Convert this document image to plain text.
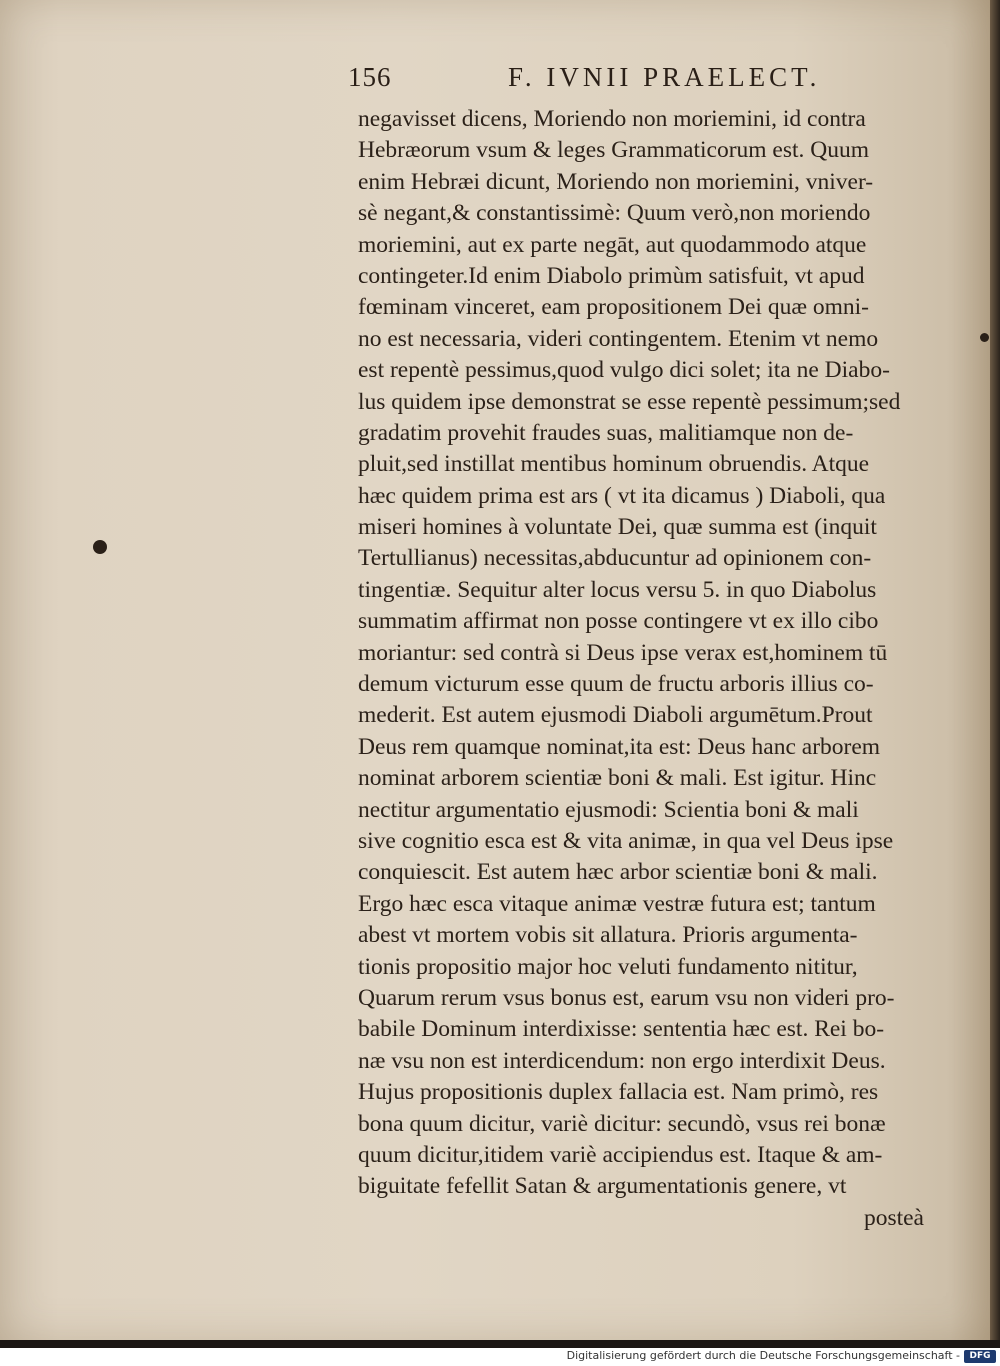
156	F. IVNII PRAELECT.
negavisset dicens, Moriendo non moriemini, id contra
Hebræorum vsum & leges Grammaticorum est. Quum
enim Hebræi dicunt, Moriendo non moriemini, vniver-
sè negant,& constantissimè: Quum verò,non moriendo
moriemini, aut ex parte negāt, aut quodammodo atque
contingeter.Id enim Diabolo primùm satisfuit, vt apud
fœminam vinceret, eam propositionem Dei quæ omni-
no est necessaria, videri contingentem. Etenim vt nemo
est repentè pessimus,quod vulgo dici solet; ita ne Diabo-
lus quidem ipse demonstrat se esse repentè pessimum;sed
gradatim provehit fraudes suas, malitiamque non de-
pluit,sed instillat mentibus hominum obruendis. Atque
hæc quidem prima est ars ( vt ita dicamus ) Diaboli, qua
miseri homines à voluntate Dei, quæ summa est (inquit
Tertullianus) necessitas,abducuntur ad opinionem con-
tingentiæ. Sequitur alter locus versu 5. in quo Diabolus
summatim affirmat non posse contingere vt ex illo cibo
moriantur: sed contrà si Deus ipse verax est,hominem tū
demum victurum esse quum de fructu arboris illius co-
mederit. Est autem ejusmodi Diaboli argumētum.Prout
Deus rem quamque nominat,ita est: Deus hanc arborem
nominat arborem scientiæ boni & mali. Est igitur. Hinc
nectitur argumentatio ejusmodi: Scientia boni & mali
sive cognitio esca est & vita animæ, in qua vel Deus ipse
conquiescit. Est autem hæc arbor scientiæ boni & mali.
Ergo hæc esca vitaque animæ vestræ futura est; tantum
abest vt mortem vobis sit allatura. Prioris argumenta-
tionis propositio major hoc veluti fundamento nititur,
Quarum rerum vsus bonus est, earum vsu non videri pro-
babile Dominum interdixisse: sententia hæc est. Rei bo-
næ vsu non est interdicendum: non ergo interdixit Deus.
Hujus propositionis duplex fallacia est. Nam primò, res
bona quum dicitur, variè dicitur: secundò, vsus rei bonæ
quum dicitur,itidem variè accipiendus est. Itaque & am-
biguitate fefellit Satan & argumentationis genere, vt
posteà
Digitalisierung gefördert durch die Deutsche Forschungsgemeinschaft -	DFG
